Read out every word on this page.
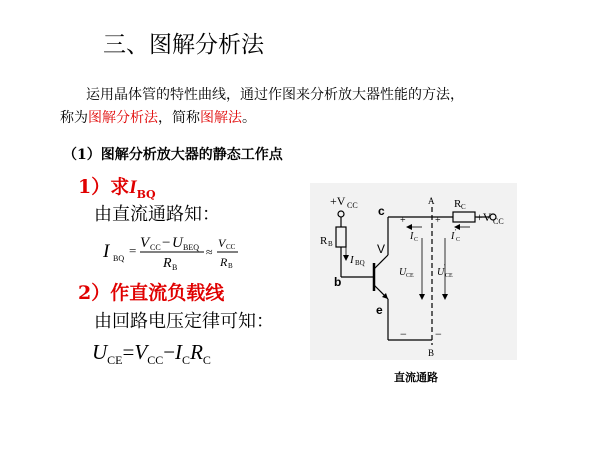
三、图解分析法
运用晶体管的特性曲线，通过作图来分析放大器性能的方法，
称为图解分析法，简称图解法。
（1）图解分析放大器的静态工作点
1）求$I_{BQ}$
由直流通路知：
I BQ
= V CC − U BEQ
R B
≈
V CC
R B
2）作直流负载线
由回路电压定律可知：
$U_{CE}=V_{CC}-I_CR_C$
+V CC
R B
I BQ
b
V
c
e
A
B
R C
+V CC
I C	I '
C
U CE U '
CE
+	+
− −
直流通路
